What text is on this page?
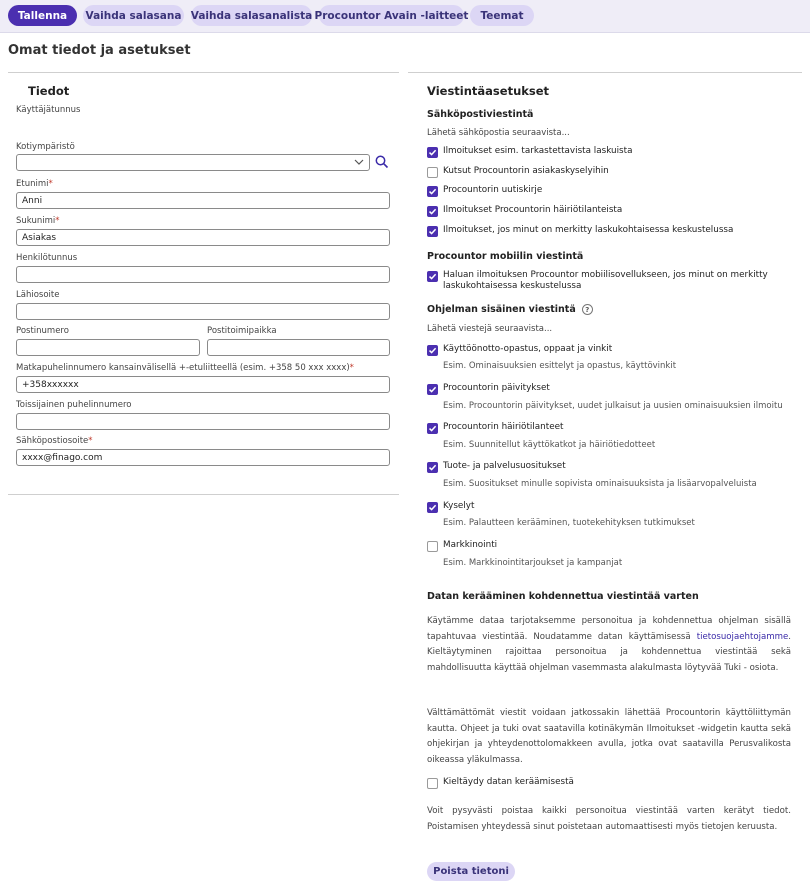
Tallenna	Vaihda salasana Vaihda salasanalista Procountor Avain -laitteet	Teemat
Omat tiedot ja asetukset
Tiedot
Käyttäjätunnus
Kotiympäristö
Etunimi*
Anni
Sukunimi*
Asiakas
Henkilötunnus
Lähiosoite
Postinumero	Postitoimipaikka
Matkapuhelinnumero kansainvälisellä +-etuliitteellä (esim. +358 50 xxx xxxx)*
+358xxxxxx
Toissijainen puhelinnumero
Sähköpostiosoite*
xxxx@finago.com
Viestintäasetukset
Sähköpostiviestintä
Lähetä sähköpostia seuraavista...
Ilmoitukset esim. tarkastettavista laskuista
Kutsut Procountorin asiakaskyselyihin
Procountorin uutiskirje
Ilmoitukset Procountorin häiriötilanteista
Ilmoitukset, jos minut on merkitty laskukohtaisessa keskustelussa
Procountor mobiilin viestintä
Haluan ilmoituksen Procountor mobiilisovellukseen, jos minut on merkitty laskukohtaisessa keskustelussa
Ohjelman sisäinen viestintä ?
Lähetä viestejä seuraavista...
Käyttöönotto-opastus, oppaat ja vinkit
Esim. Ominaisuuksien esittelyt ja opastus, käyttövinkit
Procountorin päivitykset
Esim. Procountorin päivitykset, uudet julkaisut ja uusien ominaisuuksien ilmoitu
Procountorin häiriötilanteet
Esim. Suunnitellut käyttökatkot ja häiriötiedotteet
Tuote- ja palvelusuositukset
Esim. Suositukset minulle sopivista ominaisuuksista ja lisäarvopalveluista
Kyselyt
Esim. Palautteen kerääminen, tuotekehityksen tutkimukset
Markkinointi
Esim. Markkinointitarjoukset ja kampanjat
Datan kerääminen kohdennettua viestintää varten
Käytämme dataa tarjotaksemme personoitua ja kohdennettua ohjelman sisällä tapahtuvaa viestintää. Noudatamme datan käyttämisessä tietosuojaehtojamme. Kieltäytyminen rajoittaa personoitua ja kohdennettua viestintää sekä mahdollisuutta käyttää ohjelman vasemmasta alakulmasta löytyvää Tuki - osiota.
Välttämättömät viestit voidaan jatkossakin lähettää Procountorin käyttöliittymän kautta. Ohjeet ja tuki ovat saatavilla kotinäkymän Ilmoitukset -widgetin kautta sekä ohjekirjan ja yhteydenottolomakkeen avulla, jotka ovat saatavilla Perusvalikosta oikeassa yläkulmassa.
Kieltäydy datan keräämisestä
Voit pysyvästi poistaa kaikki personoitua viestintää varten kerätyt tiedot. Poistamisen yhteydessä sinut poistetaan automaattisesti myös tietojen keruusta.
Poista tietoni
